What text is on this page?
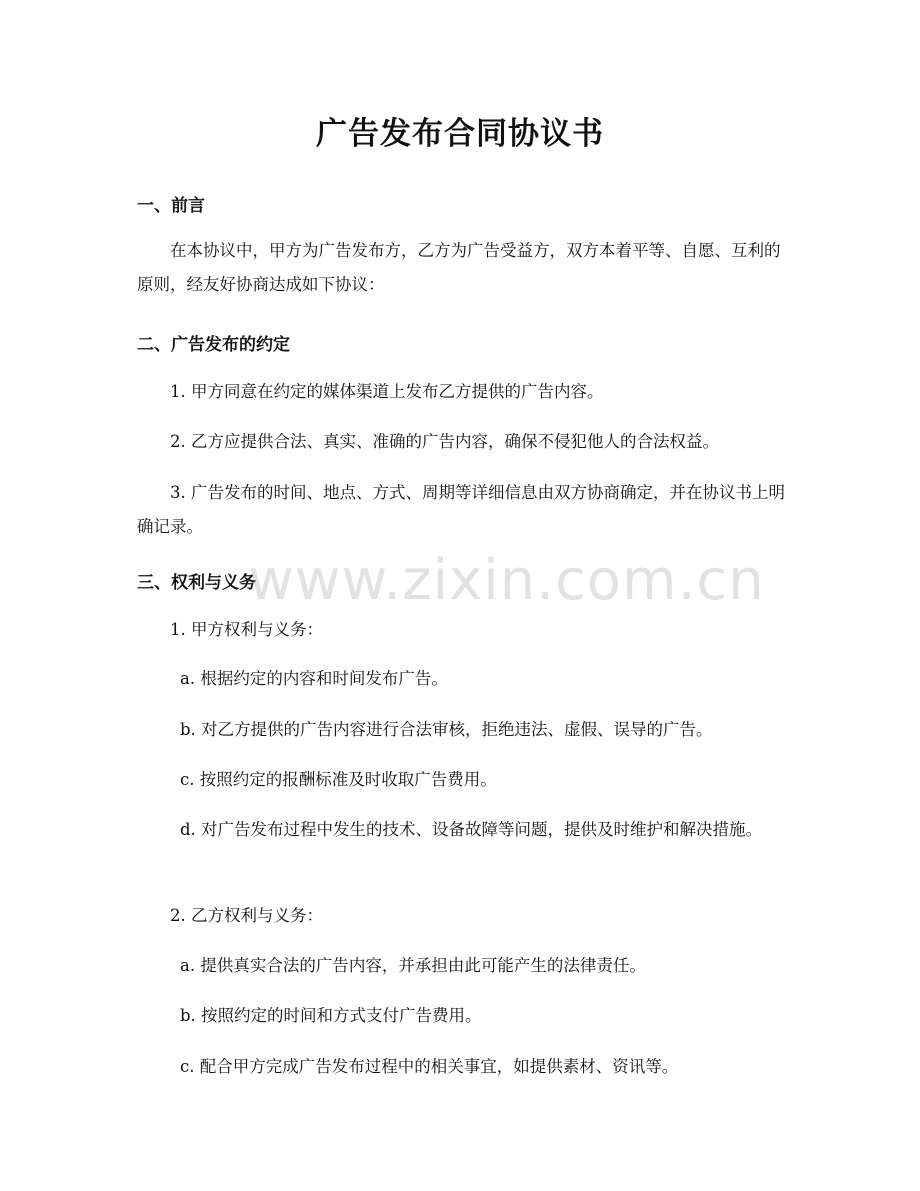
广告发布合同协议书
一、前言

在本协议中，甲方为广告发布方，乙方为广告受益方，双方本着平等、自愿、互利的原则，经友好协商达成如下协议：

二、广告发布的约定

1. 甲方同意在约定的媒体渠道上发布乙方提供的广告内容。

2. 乙方应提供合法、真实、准确的广告内容，确保不侵犯他人的合法权益。

3. 广告发布的时间、地点、方式、周期等详细信息由双方协商确定，并在协议书上明确记录。

三、权利与义务

1. 甲方权利与义务：

a. 根据约定的内容和时间发布广告。

b. 对乙方提供的广告内容进行合法审核，拒绝违法、虚假、误导的广告。

c. 按照约定的报酬标准及时收取广告费用。

d. 对广告发布过程中发生的技术、设备故障等问题，提供及时维护和解决措施。

2. 乙方权利与义务：

a. 提供真实合法的广告内容，并承担由此可能产生的法律责任。

b. 按照约定的时间和方式支付广告费用。

c. 配合甲方完成广告发布过程中的相关事宜，如提供素材、资讯等。

www.zixin.com.cn
